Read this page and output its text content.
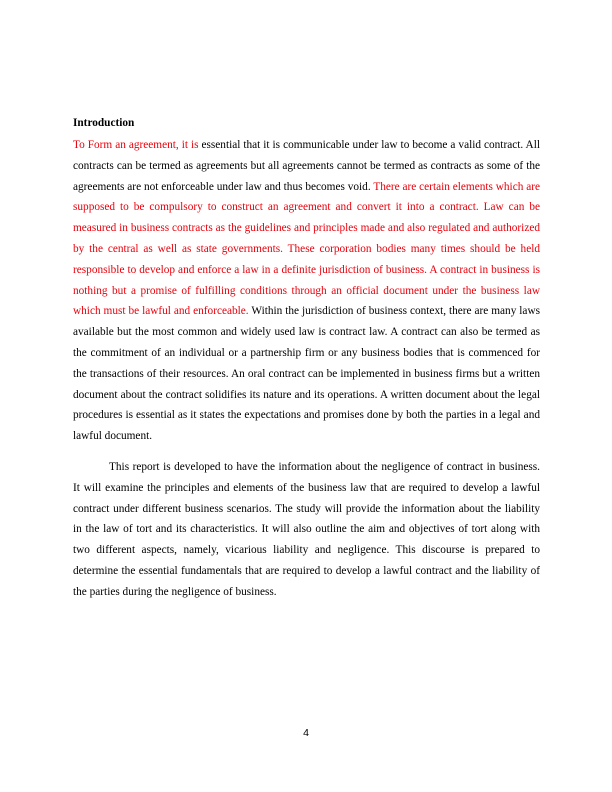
Introduction

To Form an agreement, it is essential that it is communicable under law to become a valid contract. All contracts can be termed as agreements but all agreements cannot be termed as contracts as some of the agreements are not enforceable under law and thus becomes void. There are certain elements which are supposed to be compulsory to construct an agreement and convert it into a contract. Law can be measured in business contracts as the guidelines and principles made and also regulated and authorized by the central as well as state governments. These corporation bodies many times should be held responsible to develop and enforce a law in a definite jurisdiction of business. A contract in business is nothing but a promise of fulfilling conditions through an official document under the business law which must be lawful and enforceable. Within the jurisdiction of business context, there are many laws available but the most common and widely used law is contract law. A contract can also be termed as the commitment of an individual or a partnership firm or any business bodies that is commenced for the transactions of their resources. An oral contract can be implemented in business firms but a written document about the contract solidifies its nature and its operations. A written document about the legal procedures is essential as it states the expectations and promises done by both the parties in a legal and lawful document.

This report is developed to have the information about the negligence of contract in business. It will examine the principles and elements of the business law that are required to develop a lawful contract under different business scenarios. The study will provide the information about the liability in the law of tort and its characteristics. It will also outline the aim and objectives of tort along with two different aspects, namely, vicarious liability and negligence. This discourse is prepared to determine the essential fundamentals that are required to develop a lawful contract and the liability of the parties during the negligence of business.

4
